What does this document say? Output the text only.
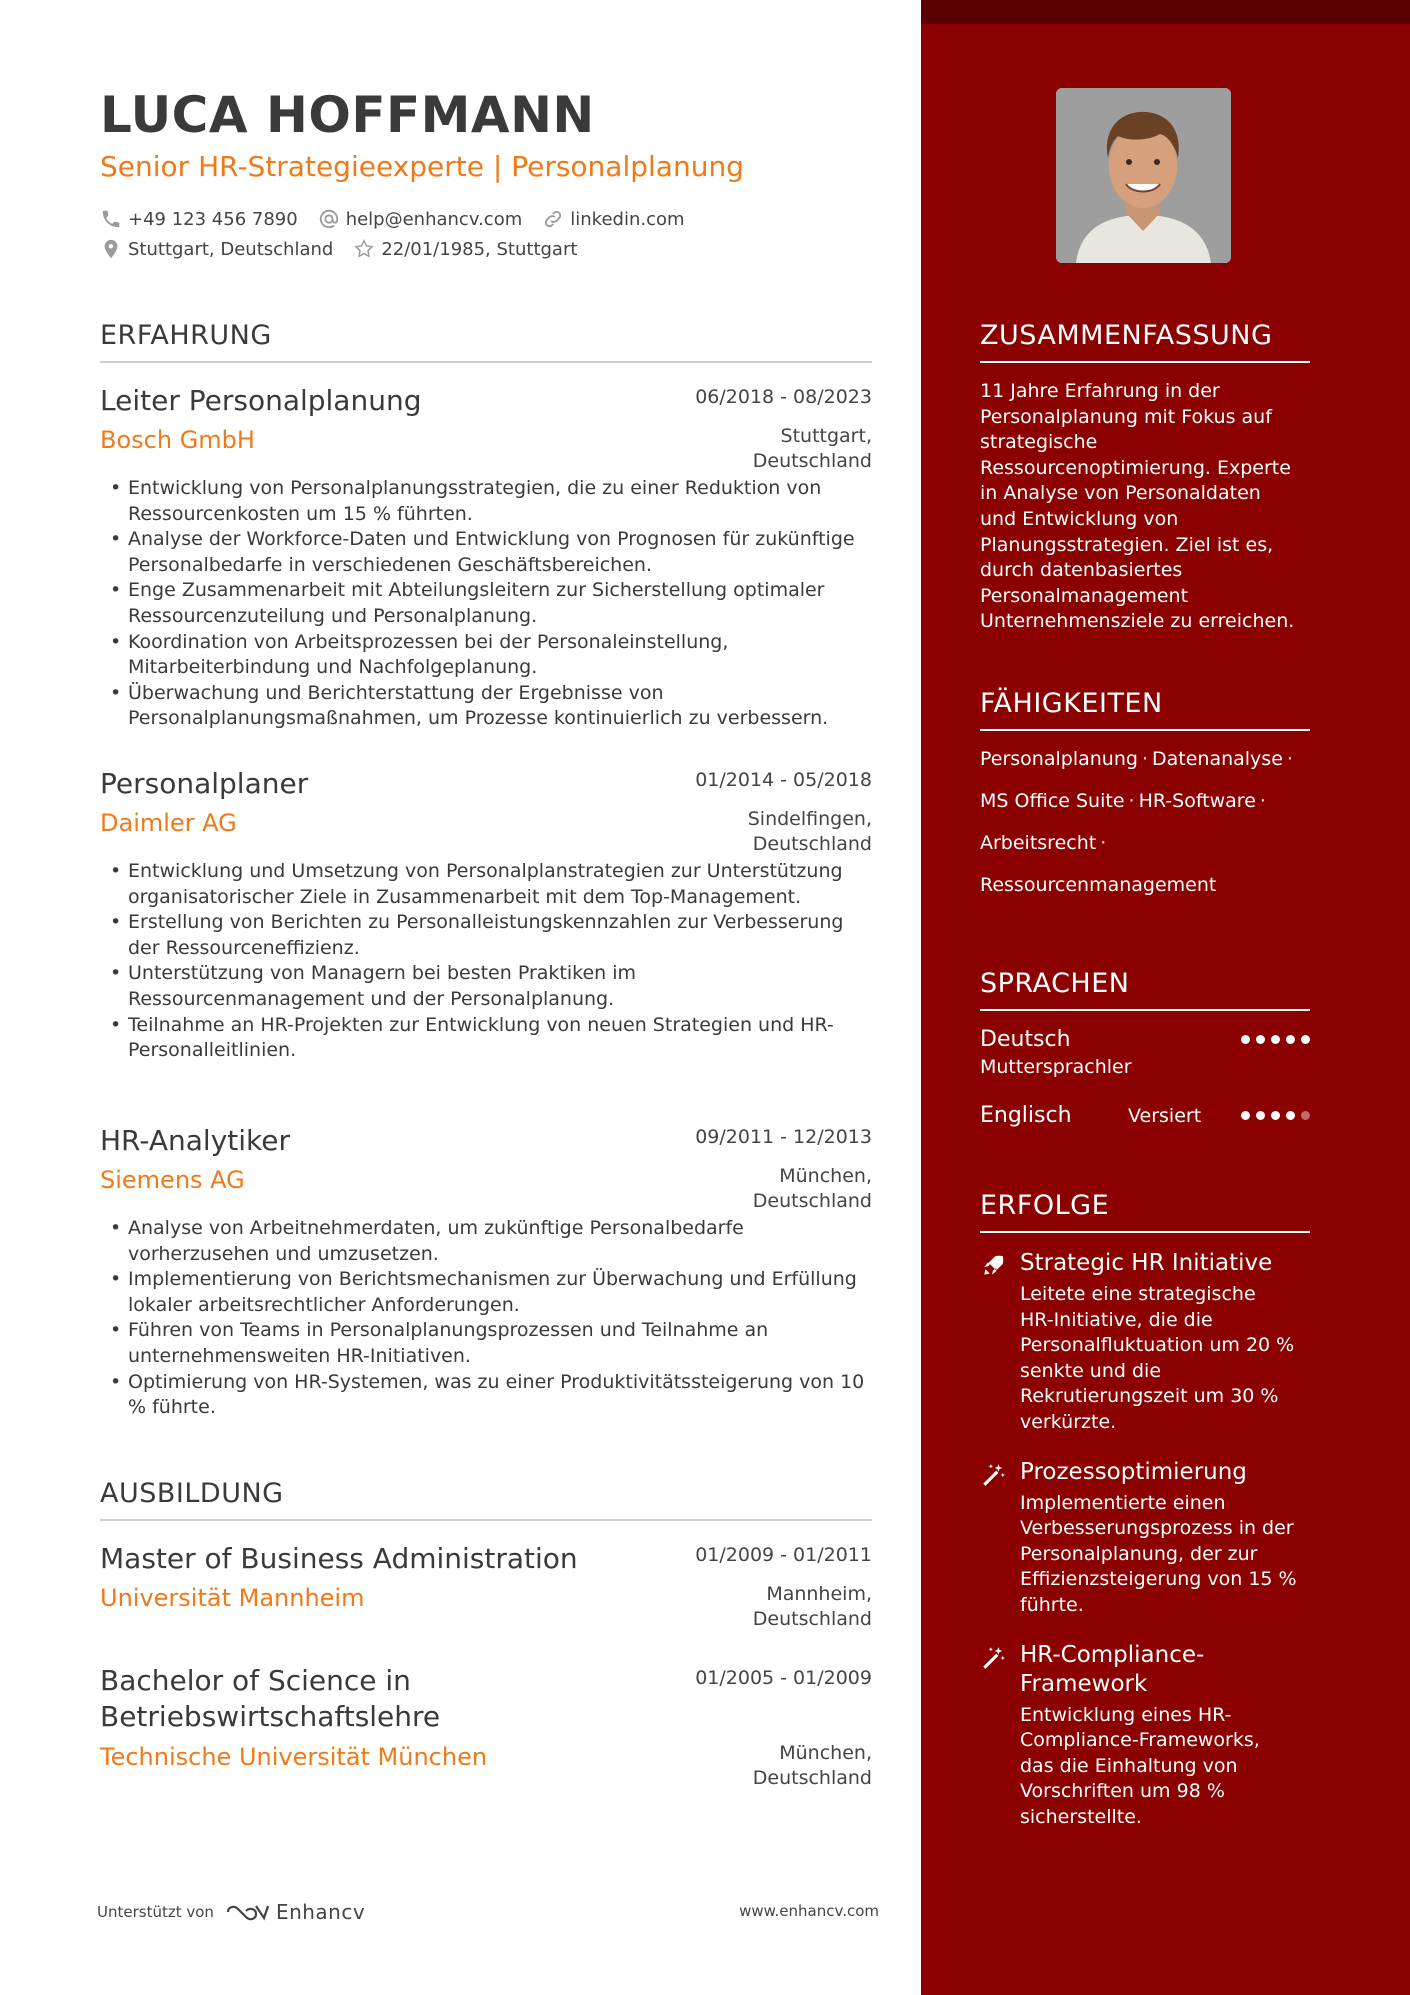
LUCA HOFFMANN
Senior HR-Strategieexperte | Personalplanung
+49 123 456 7890	help@enhancv.com	linkedin.com
Stuttgart, Deutschland	22/01/1985, Stuttgart
ERFAHRUNG
Leiter Personalplanung	06/2018 - 08/2023
Bosch GmbH	Stuttgart,
Deutschland
• Entwicklung von Personalplanungsstrategien, die zu einer Reduktion von Ressourcenkosten um 15 % führten.
• Analyse der Workforce-Daten und Entwicklung von Prognosen für zukünftige Personalbedarfe in verschiedenen Geschäftsbereichen.
• Enge Zusammenarbeit mit Abteilungsleitern zur Sicherstellung optimaler Ressourcenzuteilung und Personalplanung.
• Koordination von Arbeitsprozessen bei der Personaleinstellung, Mitarbeiterbindung und Nachfolgeplanung.
• Überwachung und Berichterstattung der Ergebnisse von Personalplanungsmaßnahmen, um Prozesse kontinuierlich zu verbessern.
Personalplaner	01/2014 - 05/2018
Daimler AG	Sindelfingen,
Deutschland
• Entwicklung und Umsetzung von Personalplanstrategien zur Unterstützung organisatorischer Ziele in Zusammenarbeit mit dem Top-Management.
• Erstellung von Berichten zu Personalleistungskennzahlen zur Verbesserung der Ressourceneffizienz.
• Unterstützung von Managern bei besten Praktiken im Ressourcenmanagement und der Personalplanung.
• Teilnahme an HR-Projekten zur Entwicklung von neuen Strategien und HR-Personalleitlinien.
HR-Analytiker	09/2011 - 12/2013
Siemens AG	München,
Deutschland
• Analyse von Arbeitnehmerdaten, um zukünftige Personalbedarfe vorherzusehen und umzusetzen.
• Implementierung von Berichtsmechanismen zur Überwachung und Erfüllung lokaler arbeitsrechtlicher Anforderungen.
• Führen von Teams in Personalplanungsprozessen und Teilnahme an unternehmensweiten HR-Initiativen.
• Optimierung von HR-Systemen, was zu einer Produktivitätssteigerung von 10 % führte.
AUSBILDUNG
Master of Business Administration	01/2009 - 01/2011
Universität Mannheim	Mannheim,
Deutschland
Bachelor of Science in
Betriebswirtschaftslehre
01/2005 - 01/2009
Technische Universität München	München,
Deutschland
Unterstützt von	Enhancv	www.enhancv.com
ZUSAMMENFASSUNG
11 Jahre Erfahrung in der
Personalplanung mit Fokus auf
strategische
Ressourcenoptimierung. Experte
in Analyse von Personaldaten
und Entwicklung von
Planungsstrategien. Ziel ist es,
durch datenbasiertes
Personalmanagement
Unternehmensziele zu erreichen.
FÄHIGKEITEN
Personalplanung · Datenanalyse ·
MS Office Suite · HR-Software ·
Arbeitsrecht ·
Ressourcenmanagement
SPRACHEN
Deutsch
Muttersprachler
Englisch	Versiert
ERFOLGE
Strategic HR Initiative
Leitete eine strategische
HR-Initiative, die die
Personalfluktuation um 20 %
senkte und die
Rekrutierungszeit um 30 %
verkürzte.
Prozessoptimierung
Implementierte einen
Verbesserungsprozess in der
Personalplanung, der zur
Effizienzsteigerung von 15 %
führte.
HR-Compliance-
Framework
Entwicklung eines HR-
Compliance-Frameworks,
das die Einhaltung von
Vorschriften um 98 %
sicherstellte.
